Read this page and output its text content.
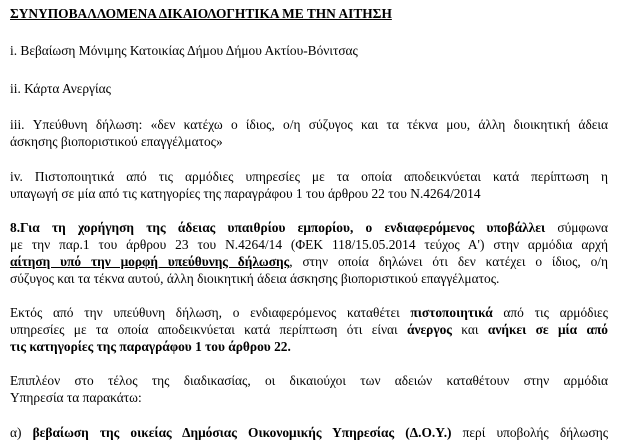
ΣΥΝΥΠΟΒΑΛΛΟΜΕΝΑ ΔΙΚΑΙΟΛΟΓΗΤΙΚΑ ΜΕ ΤΗΝ ΑΙΤΗΣΗ
i. Βεβαίωση Μόνιμης Κατοικίας Δήμου Δήμου Ακτίου-Βόνιτσας
ii. Κάρτα Ανεργίας
iii. Υπεύθυνη δήλωση: «δεν κατέχω ο ίδιος, ο/η σύζυγος και τα τέκνα μου, άλλη διοικητική άδεια
άσκησης βιοποριστικού επαγγέλματος»
iv. Πιστοποιητικά από τις αρμόδιες υπηρεσίες με τα οποία αποδεικνύεται κατά περίπτωση η
υπαγωγή σε μία από τις κατηγορίες της παραγράφου 1 του άρθρου 22 του Ν.4264/2014
8.Για τη χορήγηση της άδειας υπαιθρίου εμπορίου, ο ενδιαφερόμενος υποβάλλει σύμφωνα
με την παρ.1 του άρθρου 23 του Ν.4264/14 (ΦΕΚ 118/15.05.2014 τεύχος Α') στην αρμόδια αρχή
αίτηση υπό την μορφή υπεύθυνης δήλωσης, στην οποία δηλώνει ότι δεν κατέχει ο ίδιος, ο/η
σύζυγος και τα τέκνα αυτού, άλλη διοικητική άδεια άσκησης βιοποριστικού επαγγέλματος.
Εκτός από την υπεύθυνη δήλωση, ο ενδιαφερόμενος καταθέτει πιστοποιητικά από τις αρμόδιες
υπηρεσίες με τα οποία αποδεικνύεται κατά περίπτωση ότι είναι άνεργος και ανήκει σε μία από
τις κατηγορίες της παραγράφου 1 του άρθρου 22.
Επιπλέον στο τέλος της διαδικασίας, οι δικαιούχοι των αδειών καταθέτουν στην αρμόδια
Υπηρεσία τα παρακάτω:
α) βεβαίωση της οικείας Δημόσιας Οικονομικής Υπηρεσίας (Δ.Ο.Υ.) περί υποβολής δήλωσης
